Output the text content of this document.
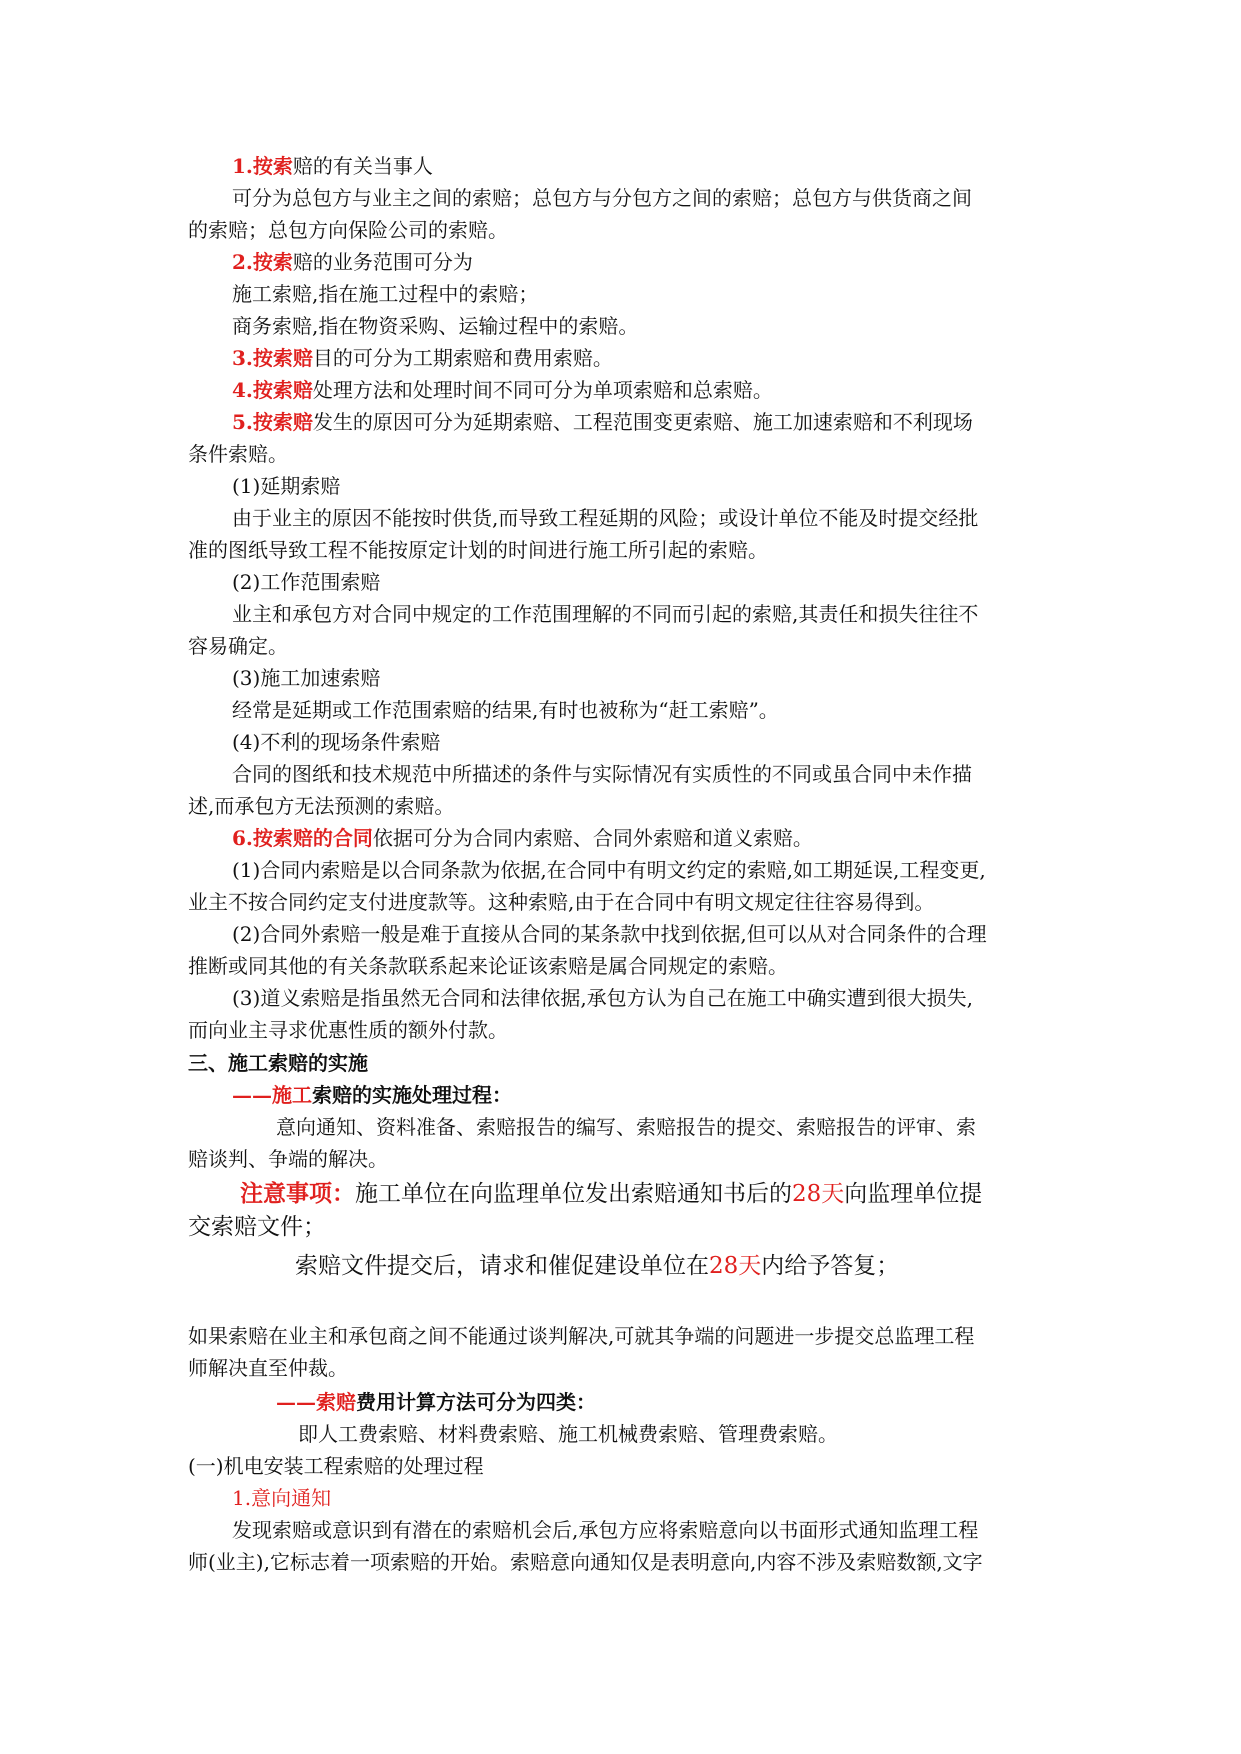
1.按索赔的有关当事人
可分为总包方与业主之间的索赔；总包方与分包方之间的索赔；总包方与供货商之间
的索赔；总包方向保险公司的索赔。
2.按索赔的业务范围可分为
施工索赔,指在施工过程中的索赔；
商务索赔,指在物资采购、运输过程中的索赔。
3.按索赔目的可分为工期索赔和费用索赔。
4.按索赔处理方法和处理时间不同可分为单项索赔和总索赔。
5.按索赔发生的原因可分为延期索赔、工程范围变更索赔、施工加速索赔和不利现场
条件索赔。
(1)延期索赔
由于业主的原因不能按时供货,而导致工程延期的风险；或设计单位不能及时提交经批
准的图纸导致工程不能按原定计划的时间进行施工所引起的索赔。
(2)工作范围索赔
业主和承包方对合同中规定的工作范围理解的不同而引起的索赔,其责任和损失往往不
容易确定。
(3)施工加速索赔
经常是延期或工作范围索赔的结果,有时也被称为“赶工索赔”。
(4)不利的现场条件索赔
合同的图纸和技术规范中所描述的条件与实际情况有实质性的不同或虽合同中未作描
述,而承包方无法预测的索赔。
6.按索赔的合同依据可分为合同内索赔、合同外索赔和道义索赔。
(1)合同内索赔是以合同条款为依据,在合同中有明文约定的索赔,如工期延误,工程变更,
业主不按合同约定支付进度款等。这种索赔,由于在合同中有明文规定往往容易得到。
(2)合同外索赔一般是难于直接从合同的某条款中找到依据,但可以从对合同条件的合理
推断或同其他的有关条款联系起来论证该索赔是属合同规定的索赔。
(3)道义索赔是指虽然无合同和法律依据,承包方认为自己在施工中确实遭到很大损失,
而向业主寻求优惠性质的额外付款。
三、施工索赔的实施
——施工索赔的实施处理过程：
意向通知、资料准备、索赔报告的编写、索赔报告的提交、索赔报告的评审、索
赔谈判、争端的解决。
注意事项：施工单位在向监理单位发出索赔通知书后的28天向监理单位提
交索赔文件；
索赔文件提交后，请求和催促建设单位在28天内给予答复；
如果索赔在业主和承包商之间不能通过谈判解决,可就其争端的问题进一步提交总监理工程
师解决直至仲裁。
——索赔费用计算方法可分为四类：
即人工费索赔、材料费索赔、施工机械费索赔、管理费索赔。
(一)机电安装工程索赔的处理过程
1.意向通知
发现索赔或意识到有潜在的索赔机会后,承包方应将索赔意向以书面形式通知监理工程
师(业主),它标志着一项索赔的开始。索赔意向通知仅是表明意向,内容不涉及索赔数额,文字
